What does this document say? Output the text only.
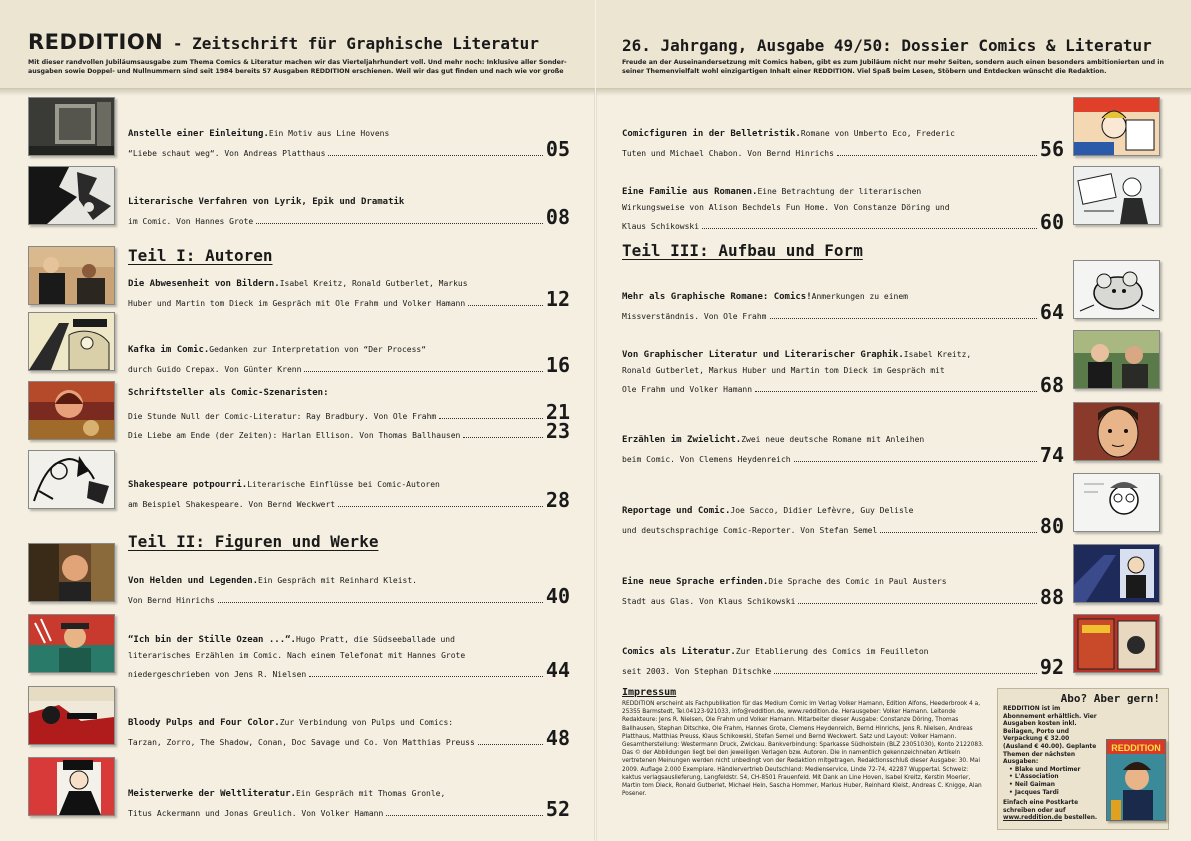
REDDITION - Zeitschrift für Graphische Literatur
Mit dieser randvollen Jubiläumsausgabe zum Thema Comics & Literatur machen wir das Vierteljahrhundert voll. Und mehr noch: Inklusive aller Sonder-ausgaben sowie Doppel- und Nullnummern sind seit 1984 bereits 57 Ausgaben REDDITION erschienen. Weil wir das gut finden und nach wie vor große
Anstelle einer Einleitung. Ein Motiv aus Line Hovens
“Liebe schaut weg“. Von Andreas Platthaus	05
Literarische Verfahren von Lyrik, Epik und Dramatik
im Comic. Von Hannes Grote	08
Teil I: Autoren
Die Abwesenheit von Bildern. Isabel Kreitz, Ronald Gutberlet, Markus
Huber und Martin tom Dieck im Gespräch mit Ole Frahm und Volker Hamann	12
Kafka im Comic. Gedanken zur Interpretation von “Der Process“
durch Guido Crepax. Von Günter Krenn	16
Schriftsteller als Comic-Szenaristen:
Die Stunde Null der Comic-Literatur: Ray Bradbury. Von Ole Frahm	21
Die Liebe am Ende (der Zeiten): Harlan Ellison. Von Thomas Ballhausen	23
Shakespeare potpourri. Literarische Einflüsse bei Comic-Autoren
am Beispiel Shakespeare. Von Bernd Weckwert	28
Teil II: Figuren und Werke
Von Helden und Legenden. Ein Gespräch mit Reinhard Kleist.
Von Bernd Hinrichs	40
“Ich bin der Stille Ozean ...“. Hugo Pratt, die Südseeballade und
literarisches Erzählen im Comic. Nach einem Telefonat mit Hannes Grote
niedergeschrieben von Jens R. Nielsen	44
Bloody Pulps and Four Color. Zur Verbindung von Pulps und Comics:
Tarzan, Zorro, The Shadow, Conan, Doc Savage und Co. Von Matthias Preuss	48
Meisterwerke der Weltliteratur. Ein Gespräch mit Thomas Gronle,
Titus Ackermann und Jonas Greulich. Von Volker Hamann	52
26. Jahrgang, Ausgabe 49/50: Dossier Comics & Literatur
Freude an der Auseinandersetzung mit Comics haben, gibt es zum Jubiläum nicht nur mehr Seiten, sondern auch einen besonders ambitionierten und in seiner Themenvielfalt wohl einzigartigen Inhalt einer REDDITION. Viel Spaß beim Lesen, Stöbern und Entdecken wünscht die Redaktion.
Comicfiguren in der Belletristik. Romane von Umberto Eco, Frederic
Tuten und Michael Chabon. Von Bernd Hinrichs	56
Eine Familie aus Romanen. Eine Betrachtung der literarischen
Wirkungsweise von Alison Bechdels Fun Home. Von Constanze Döring und
Klaus Schikowski	60
Teil III: Aufbau und Form
Mehr als Graphische Romane: Comics! Anmerkungen zu einem
Missverständnis. Von Ole Frahm	64
Von Graphischer Literatur und Literarischer Graphik. Isabel Kreitz,
Ronald Gutberlet, Markus Huber und Martin tom Dieck im Gespräch mit
Ole Frahm und Volker Hamann	68
Erzählen im Zwielicht. Zwei neue deutsche Romane mit Anleihen
beim Comic. Von Clemens Heydenreich	74
Reportage und Comic. Joe Sacco, Didier Lefèvre, Guy Delisle
und deutschsprachige Comic-Reporter. Von Stefan Semel	80
Eine neue Sprache erfinden. Die Sprache des Comic in Paul Austers
Stadt aus Glas. Von Klaus Schikowski	88
Comics als Literatur. Zur Etablierung des Comics im Feuilleton
seit 2003. Von Stephan Ditschke	92
Impressum
REDDITION erscheint als Fachpublikation für das Medium Comic im Verlag Volker Hamann, Edition Alfons, Heederbrook 4 a, 25355 Barmstedt, Tel.04123-921033, info@reddition.de, www.reddition.de. Herausgeber: Volker Hamann. Leitende Redakteure: Jens R. Nielsen, Ole Frahm und Volker Hamann. Mitarbeiter dieser Ausgabe: Constanze Döring, Thomas Ballhausen, Stephan Ditschke, Ole Frahm, Hannes Grote, Clemens Heydenreich, Bernd Hinrichs, Jens R. Nielsen, Andreas Platthaus, Matthias Preuss, Klaus Schikowski, Stefan Semel und Bernd Weckwert. Satz und Layout: Volker Hamann. Gesamtherstellung: Westermann Druck, Zwickau. Bankverbindung: Sparkasse Südholstein (BLZ 23051030), Konto 2122083. Das © der Abbildungen liegt bei den jeweiligen Verlagen bzw. Autoren. Die in namentlich gekennzeichneten Artikeln vertretenen Meinungen werden nicht unbedingt von der Redaktion mitgetragen. Redaktionsschluß dieser Ausgabe: 30. Mai 2009. Auflage 2.000 Exemplare. Händlervertrieb Deutschland: Medienservice, Linde 72-74, 42287 Wuppertal. Schweiz: kaktus verlagsauslieferung, Langfeldstr. 54, CH-8501 Frauenfeld. Mit Dank an Line Hoven, Isabel Kreitz, Kerstin Moerler, Martin tom Dieck, Ronald Gutberlet, Michael Hein, Sascha Hommer, Markus Huber, Reinhard Kleist, Andreas C. Knigge, Alan Posener.
Abo? Aber gern!
REDDITION ist im Abonnement erhältlich. Vier Ausgaben kosten inkl. Beilagen, Porto und Verpackung € 32.00 (Ausland € 40.00). Geplante Themen der nächsten Ausgaben:
• Blake und Mortimer
• L'Association
• Neil Gaiman
• Jacques Tardi
Einfach eine Postkarte schreiben oder auf www.reddition.de bestellen.
REDDITION
